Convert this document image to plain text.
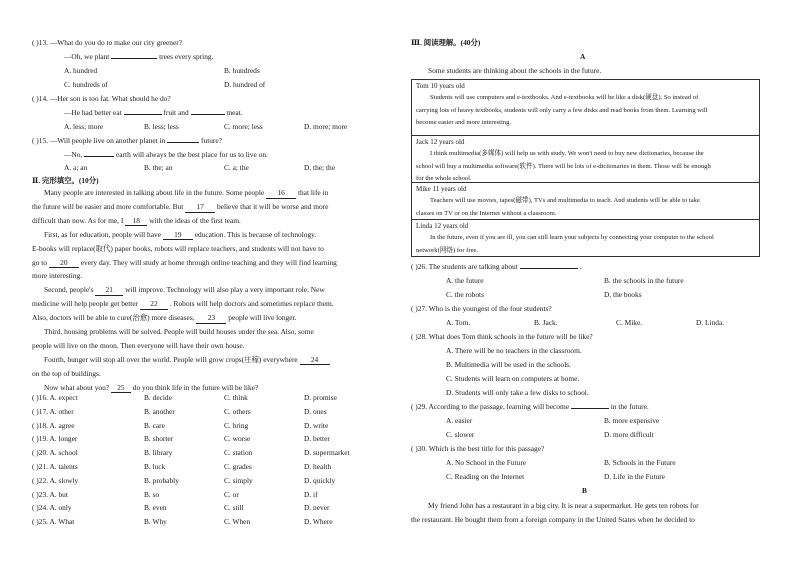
( )13. —What do you do to make our city greener?
—Oh, we plant	trees every spring.
A. hundred	B. hundreds
C. hundreds of	D. hundred of
( )14. —Her son is too fat. What should he do?
—He had better eat	fruit and	meat.
A. less; more	B. less; less	C. more; less	D. more; more
( )15. —Will people live on another planet in	future?
—No,	earth will always be the best place for us to live on.
A. a; an	B. the; an	C. a; the	D. the; the
Ⅱ. 完形填空。(10分)
Many people are interested in talking about life in the future. Some people 16 that life in
the future will be easier and more comfortable. But 17 believe that it will be worse and more
difficult than now. As for me, I 18 with the ideas of the first team.
First, as for education, people will have 19 education. This is because of technology.
E-books will replace(取代) paper books, robots will replace teachers, and students will not have to
go to 20 every day. They will study at home through online teaching and they will find learning
more interesting.
Second, people's 21 will improve. Technology will also play a very important role. New
medicine will help people get better 22 . Robots will help doctors and sometimes replace them.
Also, doctors will be able to cure(治愈) more diseases, 23 people will live longer.
Third, housing problems will be solved. People will build houses under the sea. Also, some
people will live on the moon. Then everyone will have their own house.
Fourth, hunger will stop all over the world. People will grow crops(庄稼) everywhere 24
on the top of buildings.
Now what about you? 25 do you think life in the future will be like?
( )16. A. expect	B. decide	C. think	D. promise
( )17. A. other	B. another	C. others	D. ones
( )18. A. agree	B. care	C. bring	D. write
( )19. A. longer	B. shorter	C. worse	D. better
( )20. A. school	B. library	C. station	D. supermarket
( )21. A. talents	B. luck	C. grades	D. health
( )22. A. slowly	B. probably	C. simply	D. quickly
( )23. A. but	B. so	C. or	D. if
( )24. A. only	B. even	C. still	D. never
( )25. A. What	B. Why	C. When	D. Where
Ⅲ. 阅读理解。(40分)
A
Some students are thinking about the schools in the future.
Tom 10 years old
Students will use computers and e-textbooks. And e-textbooks will be like a disk(硬盘). So instead of
carrying lots of heavy textbooks, students will only carry a few disks and read books from them. Learning will
become easier and more interesting.
Jack 12 years old
I think multimedia(多媒体) will help us with study. We won't need to buy new dictionaries, because the
school will buy a multimedia software(软件). There will be lots of e-dictionaries in them. Those will be enough
for the whole school.
Mike 11 years old
Teachers will use movies, tapes(磁带), TVs and multimedia to teach. And students will be able to take
classes on TV or on the Internet without a classroom.
Linda 12 years old
In the future, even if you are ill, you can still learn your subjects by connecting your computer to the school
network(网络) for free.
( )26. The students are talking about	.
A. the future	B. the schools in the future
C. the robots	D. the books
( )27. Who is the youngest of the four students?
A. Tom.	B. Jack.	C. Mike.	D. Linda.
( )28. What does Tom think schools in the future will be like?
A. There will be no teachers in the classroom.
B. Multimedia will be used in the schools.
C. Students will learn on computers at home.
D. Students will only take a few disks to school.
( )29. According to the passage, learning will become	in the future.
A. easier	B. more expensive
C. slower	D. more difficult
( )30. Which is the best title for this passage?
A. No School in the Future	B. Schools in the Future
C. Reading on the Internet	D. Life in the Future
B
My friend John has a restaurant in a big city. It is near a supermarket. He gets ten robots for
the restaurant. He bought them from a foreign company in the United States when he decided to
